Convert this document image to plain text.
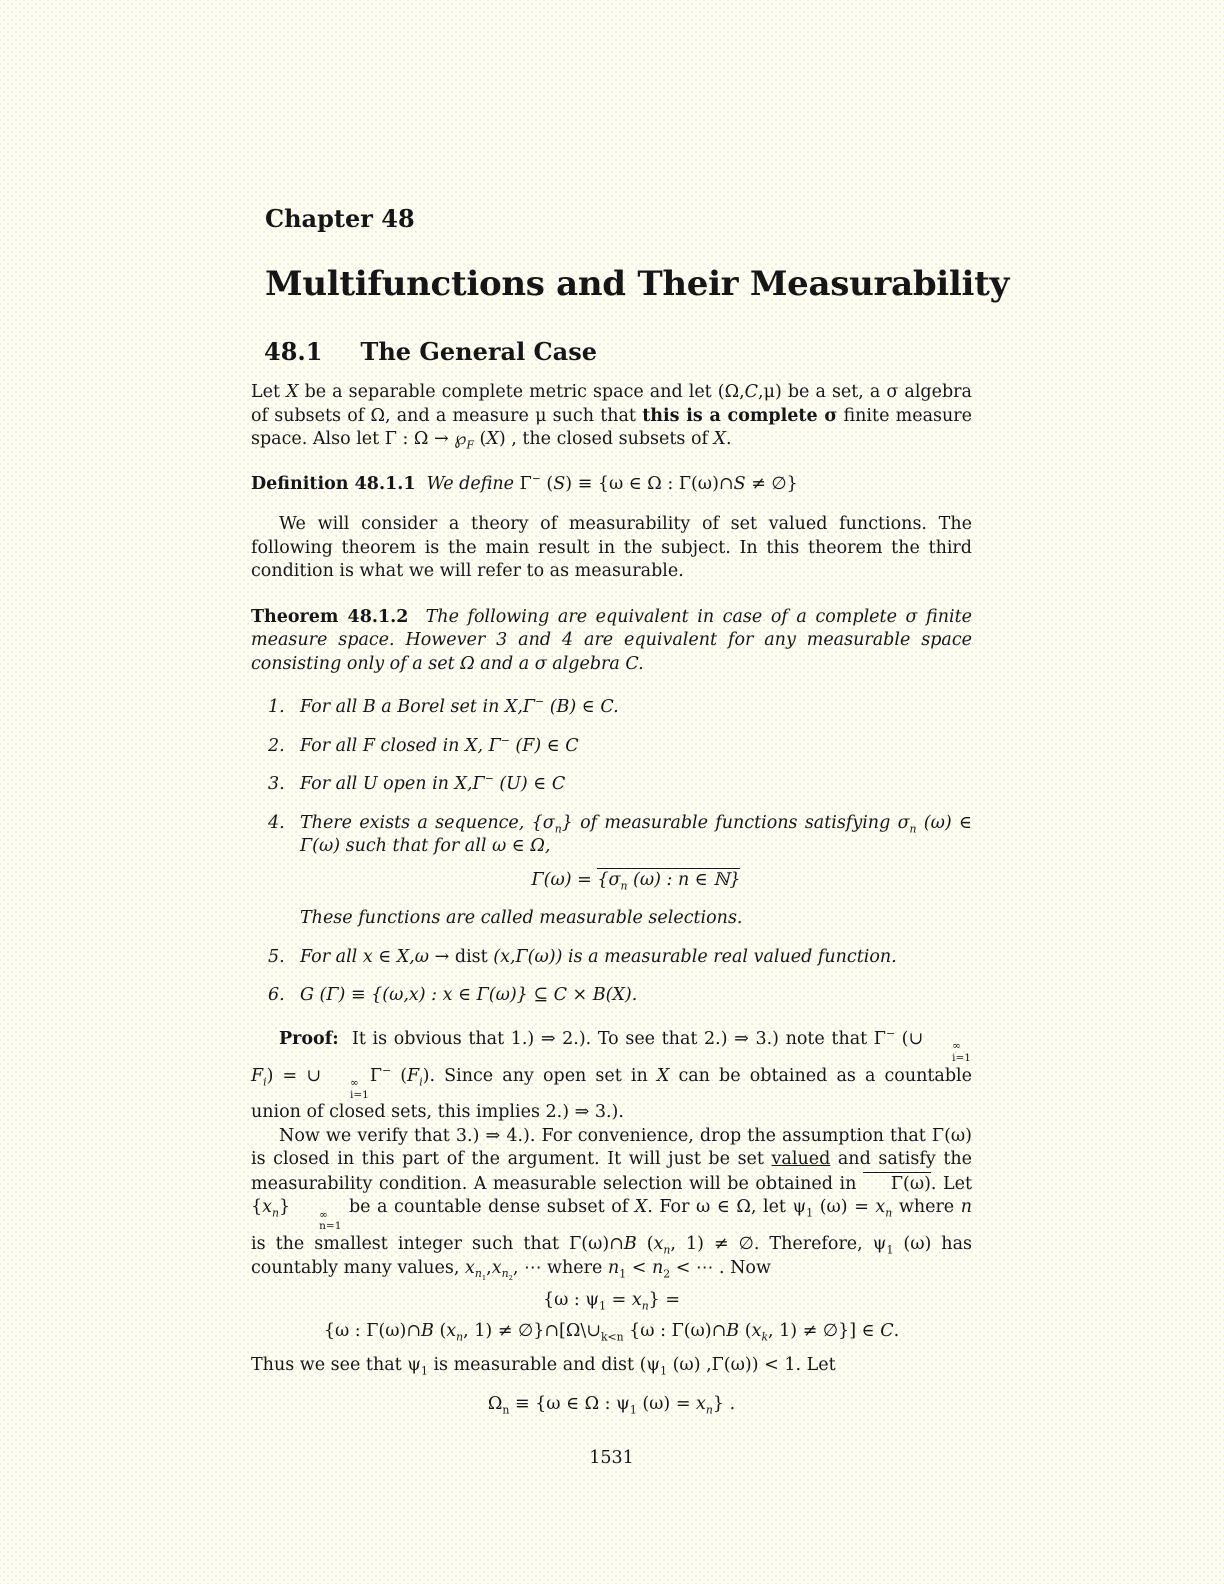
Chapter 48
Multifunctions and Their Measurability
48.1 The General Case

Let X be a separable complete metric space and let (Ω,C,μ) be a set, a σ algebra of subsets of Ω, and a measure μ such that this is a complete σ finite measure space. Also let Γ : $\Omega \to ℘_F$ (X) , the closed subsets of X.

Definition 48.1.1 We define Γ− (S) ≡ {ω ∈ Ω : Γ(ω)∩S ≠ ∅}

We will consider a theory of measurability of set valued functions. The following theorem is the main result in the subject. In this theorem the third condition is what we will refer to as measurable.

Theorem 48.1.2 The following are equivalent in case of a complete σ finite measure space. However 3 and 4 are equivalent for any measurable space consisting only of a set Ω and a σ algebra C.

1. For all B a Borel set in X,Γ− (B) ∈ C.
2. For all F closed in X, Γ− (F) ∈ C
3. For all U open in X,Γ− (U) ∈ C
4. There exists a sequence, $\{\sigma_n\}$ of measurable functions satisfying $\sigma_n$ (ω) ∈ Γ(ω) such that for all ω ∈ Ω,
$\Gamma(\omega) = \{\sigma_n$ (ω) : n ∈ ℕ}
These functions are called measurable selections.
5. For all x ∈ X,ω → dist (x,Γ(ω)) is a measurable real valued function.
6. G (Γ) ≡ {(ω,x) : x ∈ Γ(ω)} ⊆ C × B(X).

Proof: It is obvious that 1.) ⇒ 2.). To see that 2.) ⇒ 3.) note that Γ− (∪	∞
i=1
$F_i$) = ∪	∞
i=1
Γ− $(F_i)$. Since any open set in X can be obtained as a countable union of closed sets, this implies 2.) ⇒ 3.).

Now we verify that 3.) ⇒ 4.). For convenience, drop the assumption that Γ(ω) is closed in this part of the argument. It will just be set valued and satisfy the measurability condition. A measurable selection will be obtained in Γ(ω). Let $\{x_n\}$	∞
n=1
be a countable dense subset of X. For ω ∈ Ω, let $\psi_1$ $(\omega) = x_n$ where n is the smallest integer such that Γ(ω)∩B ($x_n$, 1) ≠ ∅. Therefore, $\psi_1$ (ω) has countably many values, $x_{n_1},x_{n_2}$, ⋯ where $n_1 < n_2$ < ⋯ . Now

{ω : $\psi_1 = x_n$} =
{ω : Γ(ω)∩B ($x_n$, $1) \ne \emptyset\}\cap[\Omega\backslash\cup_{k<n}$ {ω : Γ(ω)∩B ($x_k$, 1) ≠ ∅}] ∈ C.

Thus we see that $\psi_1$ is measurable and dist ($\psi_1$ (ω) ,Γ(ω)) < 1. Let

$\Omega_n \equiv \{\omega$ ∈ Ω : $\psi_1$ $(\omega) = x_n$} .
1531
